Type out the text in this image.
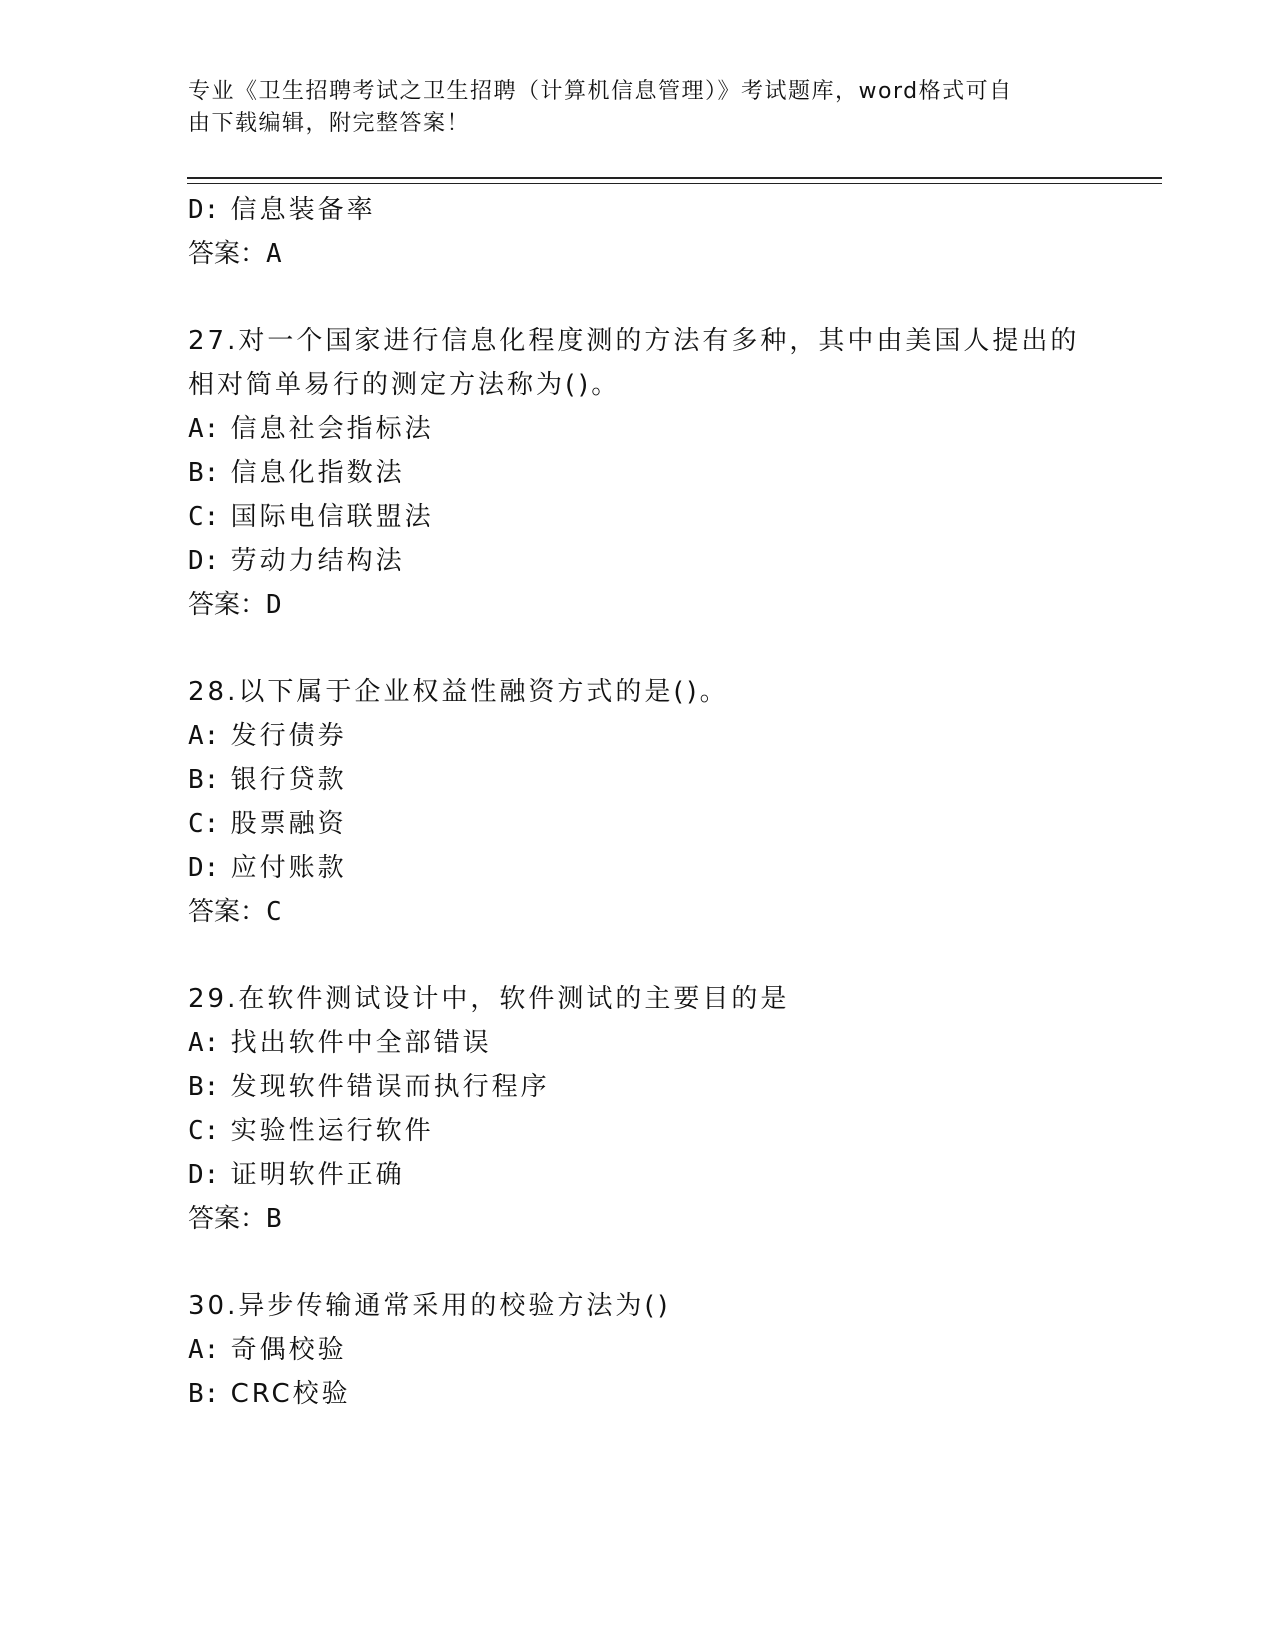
专业《卫生招聘考试之卫生招聘（计算机信息管理）》考试题库，word格式可自
由下载编辑，附完整答案！
D: 信息装备率
答案：A
27.对一个国家进行信息化程度测的方法有多种，其中由美国人提出的
相对简单易行的测定方法称为()。
A: 信息社会指标法
B: 信息化指数法
C: 国际电信联盟法
D: 劳动力结构法
答案：D
28.以下属于企业权益性融资方式的是()。
A: 发行债券
B: 银行贷款
C: 股票融资
D: 应付账款
答案：C
29.在软件测试设计中，软件测试的主要目的是
A: 找出软件中全部错误
B: 发现软件错误而执行程序
C: 实验性运行软件
D: 证明软件正确
答案：B
30.异步传输通常采用的校验方法为()
A: 奇偶校验
B: CRC校验
